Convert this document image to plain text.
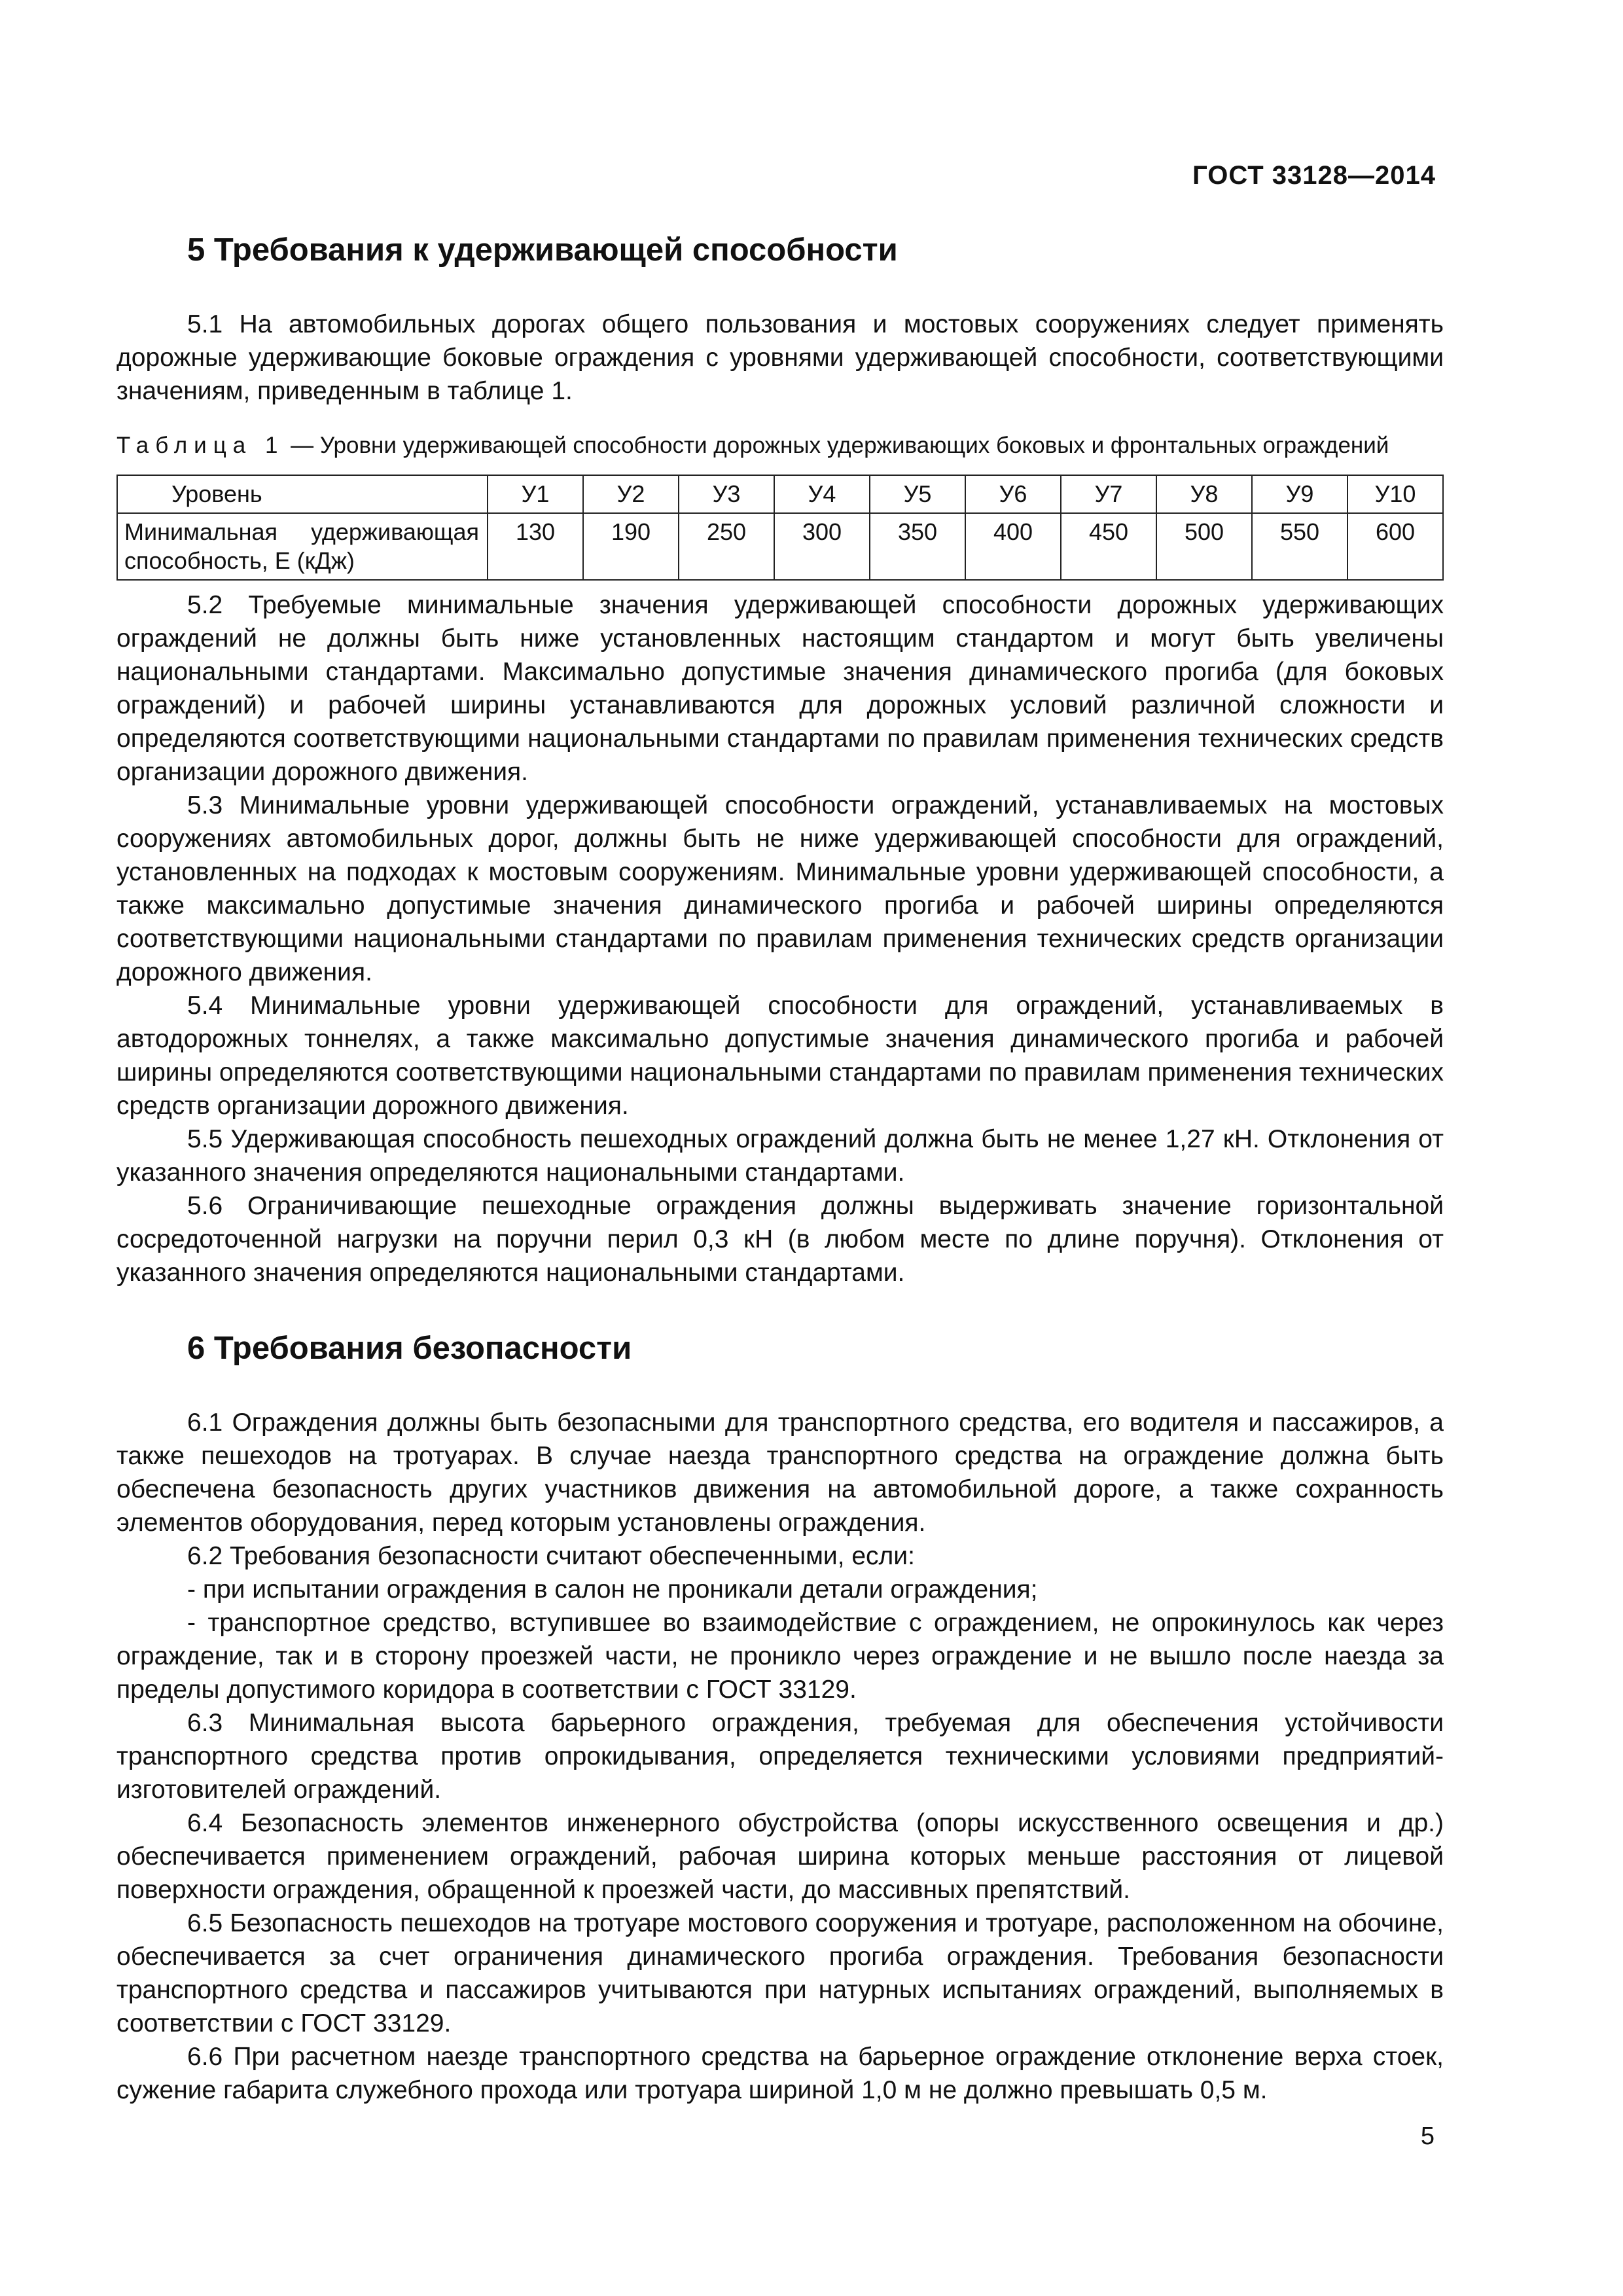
ГОСТ 33128—2014
5 Требования к удерживающей способности

5.1 На автомобильных дорогах общего пользования и мостовых сооружениях следует применять дорожные удерживающие боковые ограждения с уровнями удерживающей способности, соответствующими значениям, приведенным в таблице 1.

Таблица 1 — Уровни удерживающей способности дорожных удерживающих боковых и фронтальных ограждений
Уровень	У1	У2	У3	У4	У5	У6	У7	У8	У9	У10

Минимальная удерживающая способность, E (кДж)	130	190	250	300	350	400	450	500	550	600

5.2 Требуемые минимальные значения удерживающей способности дорожных удерживающих ограждений не должны быть ниже установленных настоящим стандартом и могут быть увеличены национальными стандартами. Максимально допустимые значения динамического прогиба (для боковых ограждений) и рабочей ширины устанавливаются для дорожных условий различной сложности и определяются соответствующими национальными стандартами по правилам применения технических средств организации дорожного движения.

5.3 Минимальные уровни удерживающей способности ограждений, устанавливаемых на мостовых сооружениях автомобильных дорог, должны быть не ниже удерживающей способности для ограждений, установленных на подходах к мостовым сооружениям. Минимальные уровни удерживающей способности, а также максимально допустимые значения динамического прогиба и рабочей ширины определяются соответствующими национальными стандартами по правилам применения технических средств организации дорожного движения.

5.4 Минимальные уровни удерживающей способности для ограждений, устанавливаемых в автодорожных тоннелях, а также максимально допустимые значения динамического прогиба и рабочей ширины определяются соответствующими национальными стандартами по правилам применения технических средств организации дорожного движения.

5.5 Удерживающая способность пешеходных ограждений должна быть не менее 1,27 кН. Отклонения от указанного значения определяются национальными стандартами.

5.6 Ограничивающие пешеходные ограждения должны выдерживать значение горизонтальной сосредоточенной нагрузки на поручни перил 0,3 кН (в любом месте по длине поручня). Отклонения от указанного значения определяются национальными стандартами.

6 Требования безопасности

6.1 Ограждения должны быть безопасными для транспортного средства, его водителя и пассажиров, а также пешеходов на тротуарах. В случае наезда транспортного средства на ограждение должна быть обеспечена безопасность других участников движения на автомобильной дороге, а также сохранность элементов оборудования, перед которым установлены ограждения.

6.2 Требования безопасности считают обеспеченными, если:

- при испытании ограждения в салон не проникали детали ограждения;

- транспортное средство, вступившее во взаимодействие с ограждением, не опрокинулось как через ограждение, так и в сторону проезжей части, не проникло через ограждение и не вышло после наезда за пределы допустимого коридора в соответствии с ГОСТ 33129.

6.3 Минимальная высота барьерного ограждения, требуемая для обеспечения устойчивости транспортного средства против опрокидывания, определяется техническими условиями предприятий-изготовителей ограждений.

6.4 Безопасность элементов инженерного обустройства (опоры искусственного освещения и др.) обеспечивается применением ограждений, рабочая ширина которых меньше расстояния от лицевой поверхности ограждения, обращенной к проезжей части, до массивных препятствий.

6.5 Безопасность пешеходов на тротуаре мостового сооружения и тротуаре, расположенном на обочине, обеспечивается за счет ограничения динамического прогиба ограждения. Требования безопасности транспортного средства и пассажиров учитываются при натурных испытаниях ограждений, выполняемых в соответствии с ГОСТ 33129.

6.6 При расчетном наезде транспортного средства на барьерное ограждение отклонение верха стоек, сужение габарита служебного прохода или тротуара шириной 1,0 м не должно превышать 0,5 м.

5
